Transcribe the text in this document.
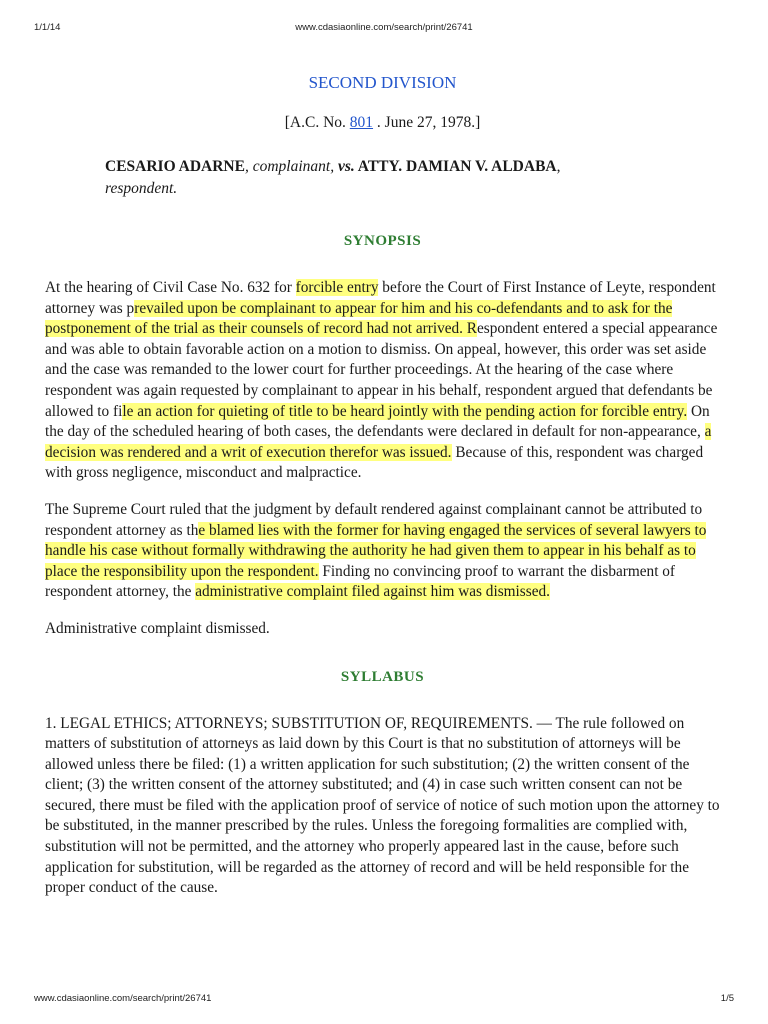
1/1/14	www.cdasiaonline.com/search/print/26741
SECOND DIVISION
[A.C. No. 801 . June 27, 1978.]
CESARIO ADARNE, complainant, vs. ATTY. DAMIAN V. ALDABA,
respondent.
SYNOPSIS

At the hearing of Civil Case No. 632 for forcible entry before the Court of First Instance of Leyte, respondent attorney was prevailed upon be complainant to appear for him and his co-defendants and to ask for the postponement of the trial as their counsels of record had not arrived. Respondent entered a special appearance and was able to obtain favorable action on a motion to dismiss. On appeal, however, this order was set aside and the case was remanded to the lower court for further proceedings. At the hearing of the case where respondent was again requested by complainant to appear in his behalf, respondent argued that defendants be allowed to file an action for quieting of title to be heard jointly with the pending action for forcible entry. On the day of the scheduled hearing of both cases, the defendants were declared in default for non-appearance, a decision was rendered and a writ of execution therefor was issued. Because of this, respondent was charged with gross negligence, misconduct and malpractice.

The Supreme Court ruled that the judgment by default rendered against complainant cannot be attributed to respondent attorney as the blamed lies with the former for having engaged the services of several lawyers to handle his case without formally withdrawing the authority he had given them to appear in his behalf as to place the responsibility upon the respondent. Finding no convincing proof to warrant the disbarment of respondent attorney, the administrative complaint filed against him was dismissed.

Administrative complaint dismissed.

SYLLABUS

1. LEGAL ETHICS; ATTORNEYS; SUBSTITUTION OF, REQUIREMENTS. — The rule followed on matters of substitution of attorneys as laid down by this Court is that no substitution of attorneys will be allowed unless there be filed: (1) a written application for such substitution; (2) the written consent of the client; (3) the written consent of the attorney substituted; and (4) in case such written consent can not be secured, there must be filed with the application proof of service of notice of such motion upon the attorney to be substituted, in the manner prescribed by the rules. Unless the foregoing formalities are complied with, substitution will not be permitted, and the attorney who properly appeared last in the cause, before such application for substitution, will be regarded as the attorney of record and will be held responsible for the proper conduct of the cause.

www.cdasiaonline.com/search/print/26741	1/5
